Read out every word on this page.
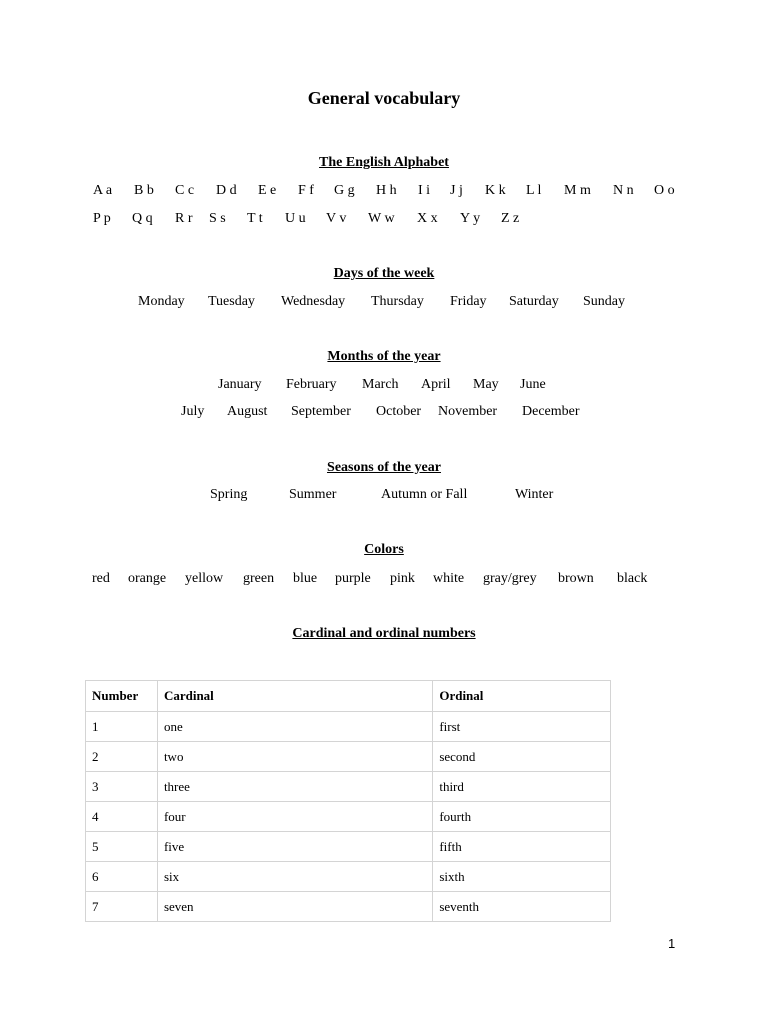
General vocabulary
The English Alphabet
A a B b C c D d E e F f G g H h I i J j K k L l M m N n O o
P p Q q R r S s T t U u V v W w X x Y y Z z
Days of the week
Monday Tuesday Wednesday Thursday Friday Saturday Sunday
Months of the year
January February March April May June
July August September October November December
Seasons of the year
Spring	Summer	Autumn or Fall	Winter
Colors
red orange yellow green blue purple pink white gray/grey brown black
Cardinal and ordinal numbers
Number	Cardinal	Ordinal
1	one	first
2	two	second
3	three	third
4	four	fourth
5	five	fifth
6	six	sixth
7	seven	seventh
1
